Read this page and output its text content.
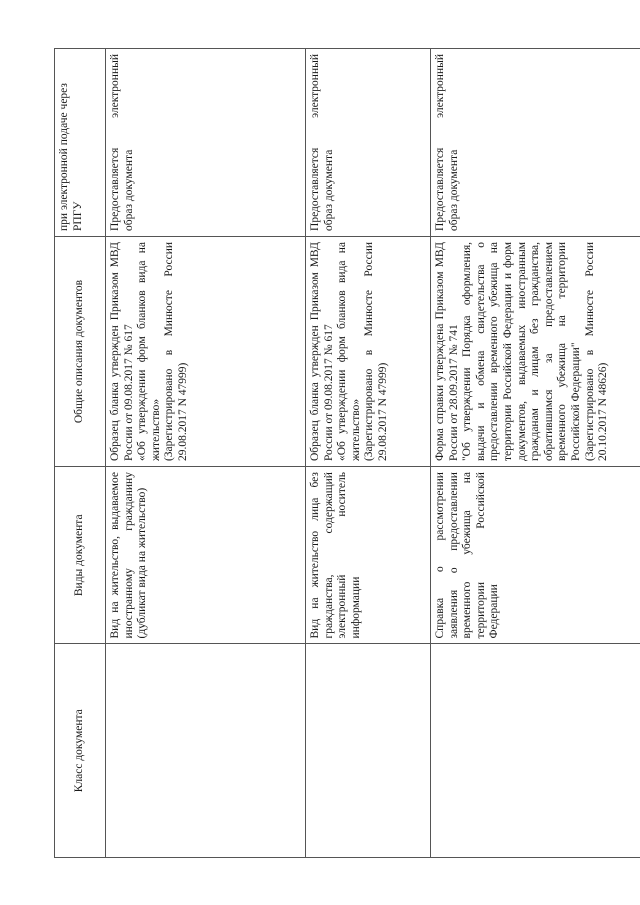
Класс документа	Виды документа	Общие описания документов	при электронной подаче через РПГУ
	Вид на жительство, выдаваемое иностранному гражданину (дубликат вида на жительство)	Образец бланка утвержден Приказом МВД России от 09.08.2017 № 617 «Об утверждении форм бланков вида на жительство» (Зарегистрировано в Минюсте России 29.08.2017 N 47999)	Предоставляется электронный образ документа
	Вид на жительство лица без гражданства, содержащий электронный носитель информации	Образец бланка утвержден Приказом МВД России от 09.08.2017 № 617 «Об утверждении форм бланков вида на жительство» (Зарегистрировано в Минюсте России 29.08.2017 N 47999)	Предоставляется электронный образ документа
	Справка о рассмотрении заявления о предоставлении временного убежища на территории Российской Федерации	Форма справки утверждена Приказом МВД России от 28.09.2017 № 741 "Об утверждении Порядка оформления, выдачи и обмена свидетельства о предоставлении временного убежища на территории Российской Федерации и форм документов, выдаваемых иностранным гражданам и лицам без гражданства, обратившимся за предоставлением временного убежища на территории Российской Федерации" (Зарегистрировано в Минюсте России 20.10.2017 N 48626)	Предоставляется электронный образ документа
